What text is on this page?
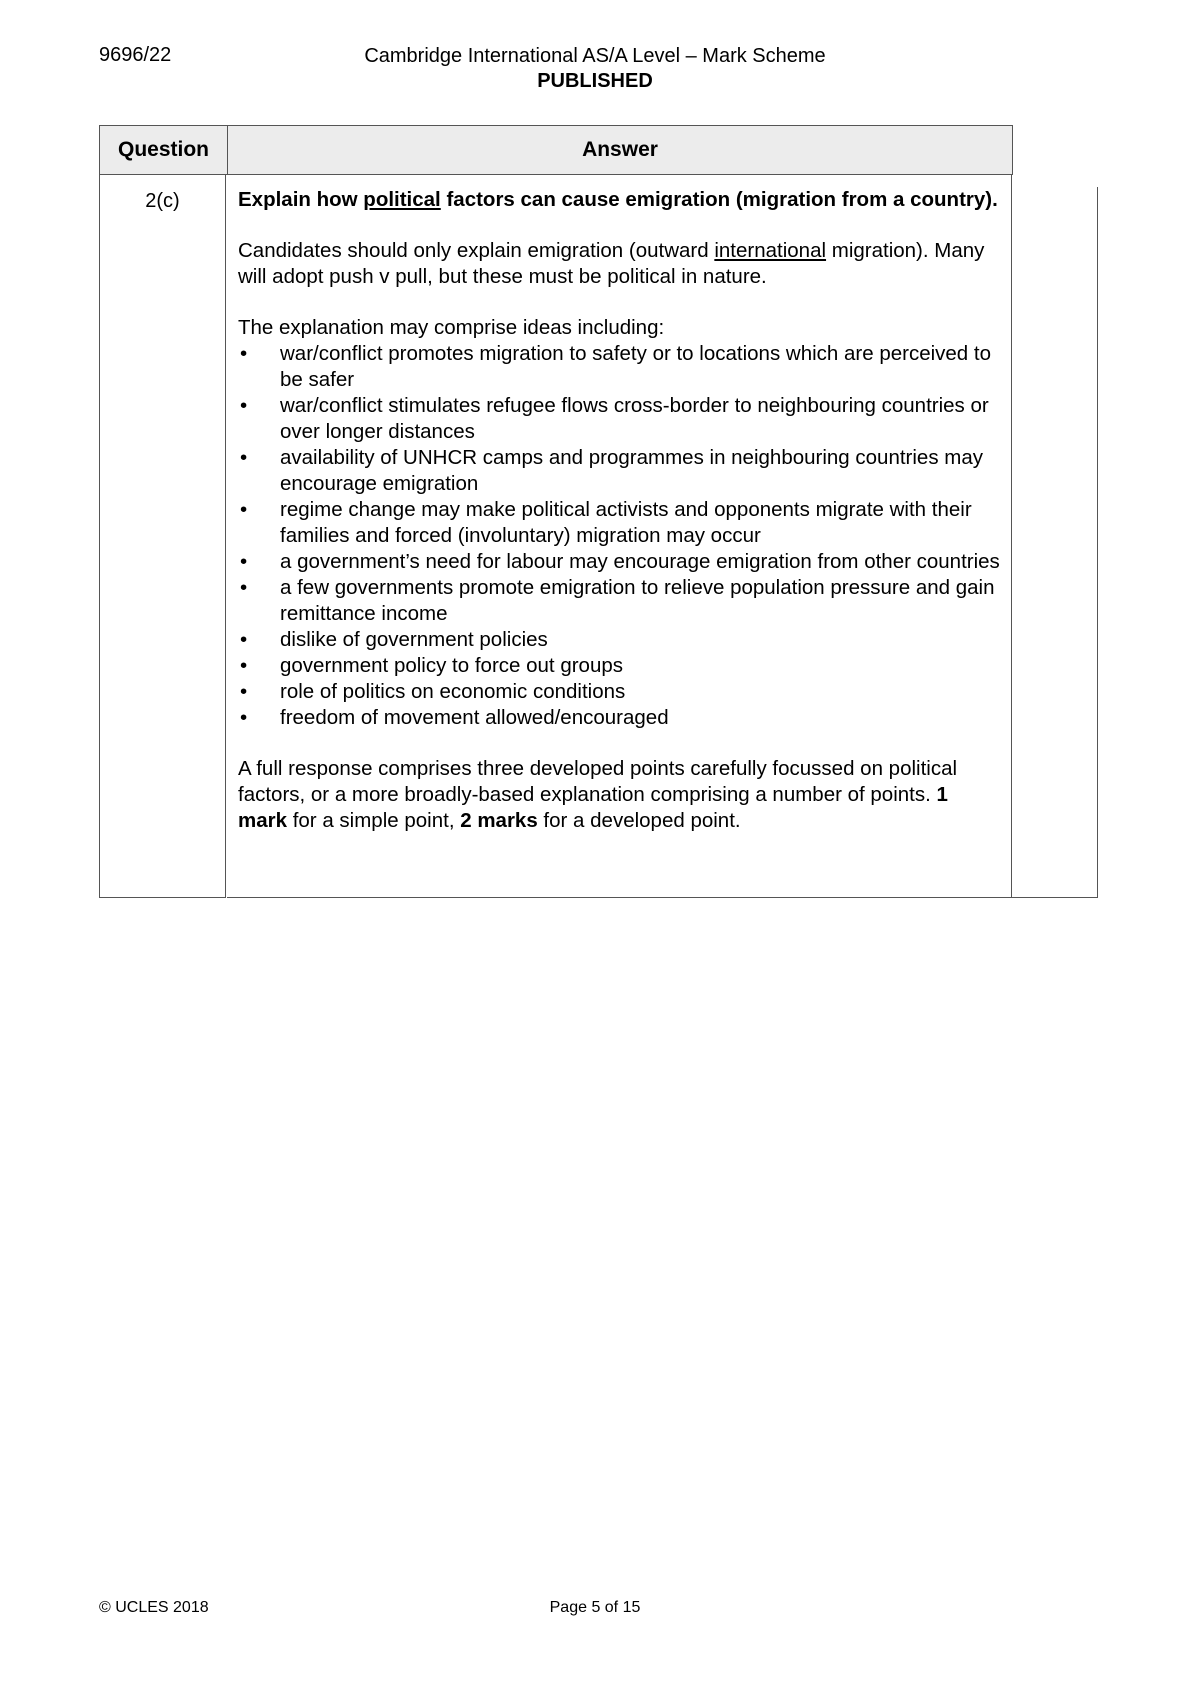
9696/22	Cambridge International AS/A Level – Mark Scheme
PUBLISHED
Question	Answer
2(c)	Explain how political factors can cause emigration (migration from a country).

Candidates should only explain emigration (outward international migration). Many will adopt push v pull, but these must be political in nature.

The explanation may comprise ideas including:

• war/conflict promotes migration to safety or to locations which are perceived to be safer
• war/conflict stimulates refugee flows cross-border to neighbouring countries or over longer distances
• availability of UNHCR camps and programmes in neighbouring countries may encourage emigration
• regime change may make political activists and opponents migrate with their families and forced (involuntary) migration may occur
• a government’s need for labour may encourage emigration from other countries
• a few governments promote emigration to relieve population pressure and gain remittance income
• dislike of government policies
• government policy to force out groups
• role of politics on economic conditions
• freedom of movement allowed/encouraged

A full response comprises three developed points carefully focussed on political factors, or a more broadly-based explanation comprising a number of points. 1 mark for a simple point, 2 marks for a developed point.

© UCLES 2018	Page 5 of 15
